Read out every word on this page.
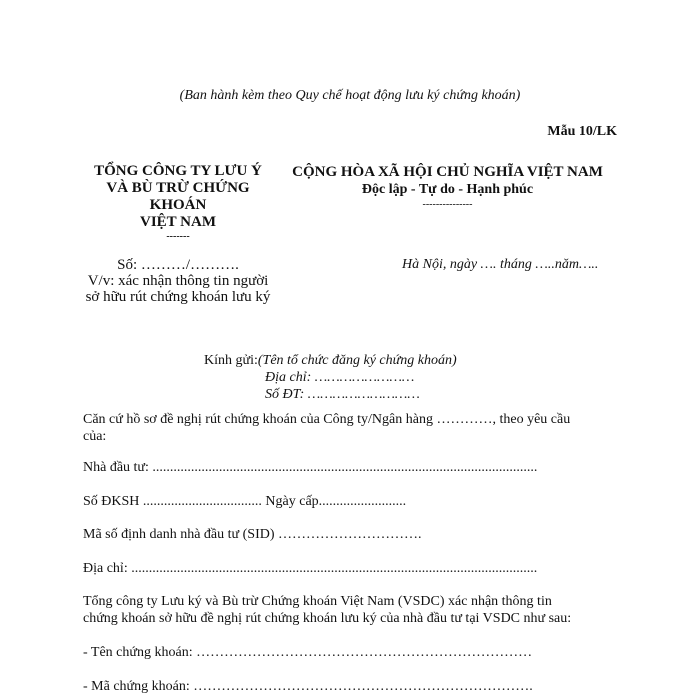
(Ban hành kèm theo Quy chế hoạt động lưu ký chứng khoán)
Mẫu 10/LK
TỔNG CÔNG TY LƯU Ý
VÀ BÙ TRỪ CHỨNG
KHOÁN
VIỆT NAM
-------
Số: ………/……….
V/v: xác nhận thông tin người
sở hữu rút chứng khoán lưu ký
CỘNG HÒA XÃ HỘI CHỦ NGHĨA VIỆT NAM
Độc lập - Tự do - Hạnh phúc
---------------
Hà Nội, ngày …. tháng …..năm…..
Kính gửi:(Tên tổ chức đăng ký chứng khoán)
Địa chỉ: ……………………
Số ĐT: ………………………
Căn cứ hồ sơ đề nghị rút chứng khoán của Công ty/Ngân hàng …………, theo yêu cầu
của:
Nhà đầu tư: ..............................................................................................................
Số ĐKSH .................................. Ngày cấp.........................
Mã số định danh nhà đầu tư (SID) ………………………….
Địa chỉ: ....................................................................................................................
Tổng công ty Lưu ký và Bù trừ Chứng khoán Việt Nam (VSDC) xác nhận thông tin
chứng khoán sở hữu đề nghị rút chứng khoán lưu ký của nhà đầu tư tại VSDC như sau:
- Tên chứng khoán: ………………………………………………………………
- Mã chứng khoán: ……………………………………………………………….
